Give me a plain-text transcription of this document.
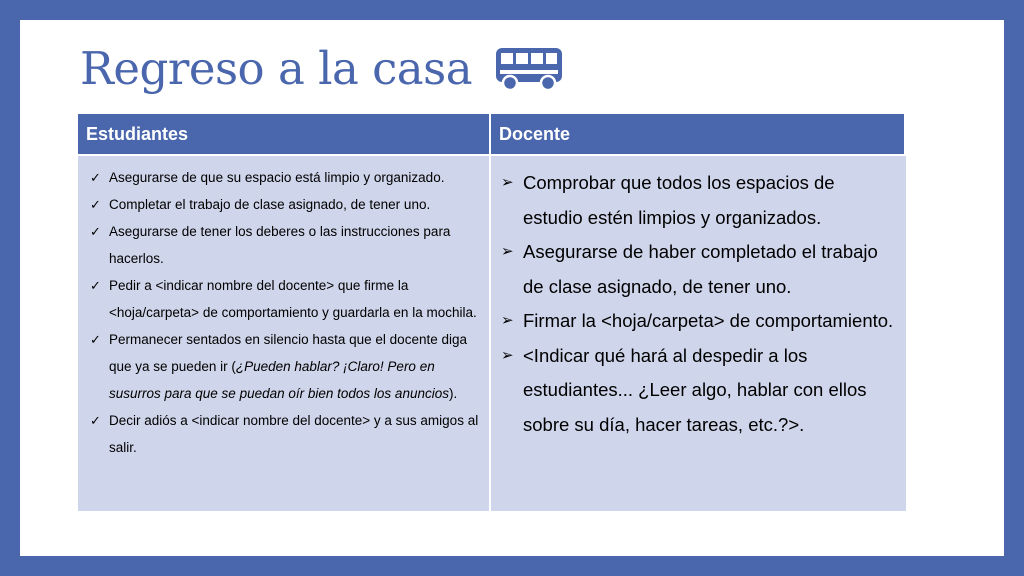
Regreso a la casa
Estudiantes	Docente
✓ Asegurarse de que su espacio está limpio y organizado.
✓ Completar el trabajo de clase asignado, de tener uno.
✓ Asegurarse de tener los deberes o las instrucciones para hacerlos.
✓ Pedir a <indicar nombre del docente> que firme la <hoja/carpeta> de comportamiento y guardarla en la mochila.
✓ Permanecer sentados en silencio hasta que el docente diga que ya se pueden ir (¿Pueden hablar? ¡Claro! Pero en susurros para que se puedan oír bien todos los anuncios).
✓ Decir adiós a <indicar nombre del docente> y a sus amigos al salir.
➢ Comprobar que todos los espacios de estudio estén limpios y organizados.
➢ Asegurarse de haber completado el trabajo de clase asignado, de tener uno.
➢ Firmar la <hoja/carpeta> de comportamiento.
➢ <Indicar qué hará al despedir a los estudiantes... ¿Leer algo, hablar con ellos sobre su día, hacer tareas, etc.?>.
